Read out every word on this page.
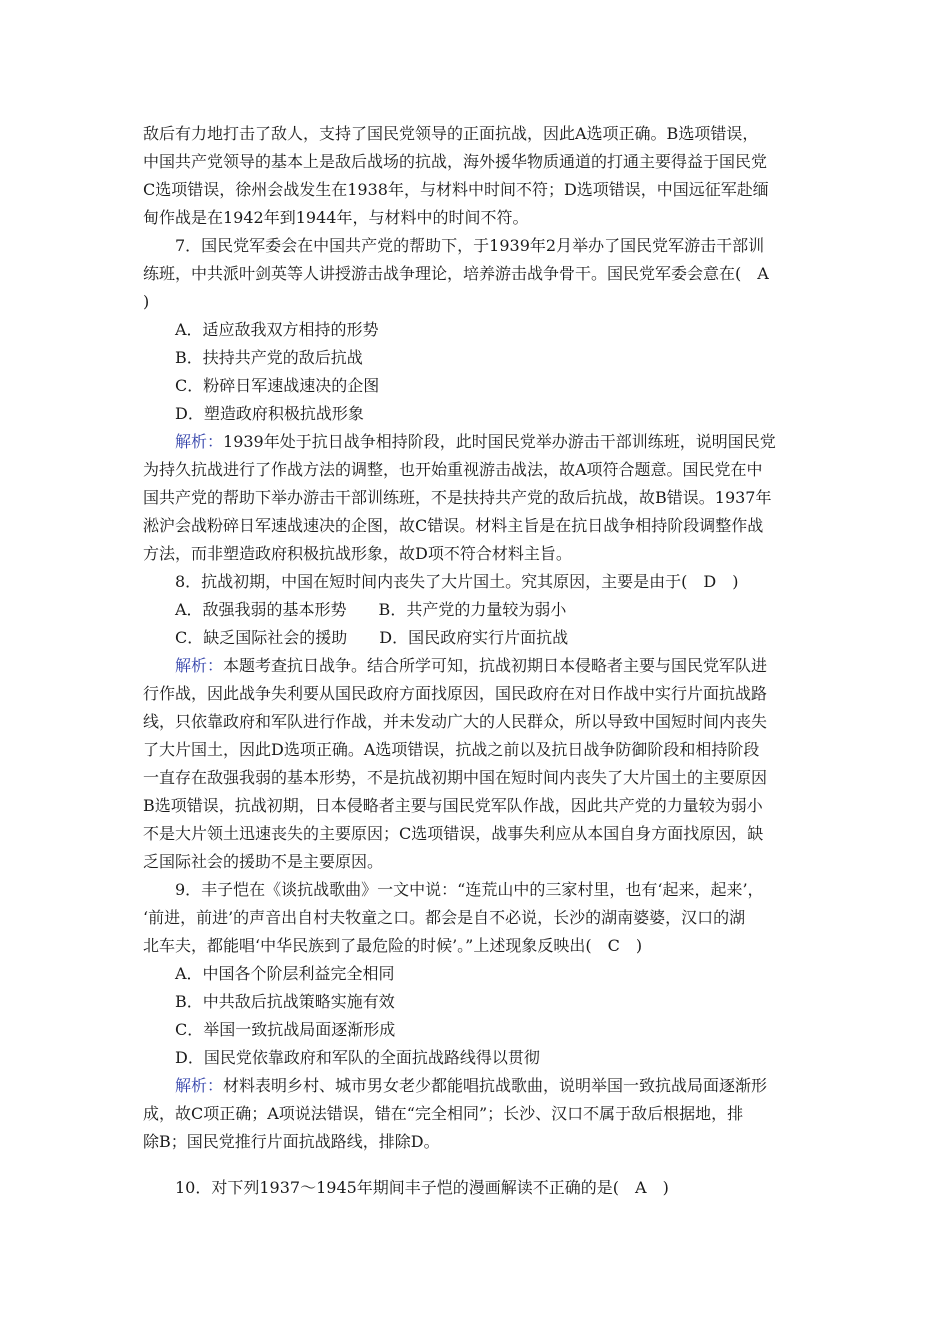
敌后有力地打击了敌人，支持了国民党领导的正面抗战，因此A选项正确。B选项错误，
中国共产党领导的基本上是敌后战场的抗战，海外援华物质通道的打通主要得益于国民党
C选项错误，徐州会战发生在1938年，与材料中时间不符；D选项错误，中国远征军赴缅
甸作战是在1942年到1944年，与材料中的时间不符。
7．国民党军委会在中国共产党的帮助下，于1939年2月举办了国民党军游击干部训
练班，中共派叶剑英等人讲授游击战争理论，培养游击战争骨干。国民党军委会意在(　A
)
A．适应敌我双方相持的形势
B．扶持共产党的敌后抗战
C．粉碎日军速战速决的企图
D．塑造政府积极抗战形象
解析：1939年处于抗日战争相持阶段，此时国民党举办游击干部训练班，说明国民党
为持久抗战进行了作战方法的调整，也开始重视游击战法，故A项符合题意。国民党在中
国共产党的帮助下举办游击干部训练班，不是扶持共产党的敌后抗战，故B错误。1937年
淞沪会战粉碎日军速战速决的企图，故C错误。材料主旨是在抗日战争相持阶段调整作战
方法，而非塑造政府积极抗战形象，故D项不符合材料主旨。
8．抗战初期，中国在短时间内丧失了大片国土。究其原因，主要是由于(　D　)
A．敌强我弱的基本形势　　B．共产党的力量较为弱小
C．缺乏国际社会的援助　　D．国民政府实行片面抗战
解析：本题考查抗日战争。结合所学可知，抗战初期日本侵略者主要与国民党军队进
行作战，因此战争失利要从国民政府方面找原因，国民政府在对日作战中实行片面抗战路
线，只依靠政府和军队进行作战，并未发动广大的人民群众，所以导致中国短时间内丧失
了大片国土，因此D选项正确。A选项错误，抗战之前以及抗日战争防御阶段和相持阶段
一直存在敌强我弱的基本形势，不是抗战初期中国在短时间内丧失了大片国土的主要原因
B选项错误，抗战初期，日本侵略者主要与国民党军队作战，因此共产党的力量较为弱小
不是大片领土迅速丧失的主要原因；C选项错误，战事失利应从本国自身方面找原因，缺
乏国际社会的援助不是主要原因。
9．丰子恺在《谈抗战歌曲》一文中说：“连荒山中的三家村里，也有‘起来，起来’，
‘前进，前进’的声音出自村夫牧童之口。都会是自不必说，长沙的湖南婆婆，汉口的湖
北车夫，都能唱‘中华民族到了最危险的时候’。”上述现象反映出(　C　)
A．中国各个阶层利益完全相同
B．中共敌后抗战策略实施有效
C．举国一致抗战局面逐渐形成
D．国民党依靠政府和军队的全面抗战路线得以贯彻
解析：材料表明乡村、城市男女老少都能唱抗战歌曲，说明举国一致抗战局面逐渐形
成，故C项正确；A项说法错误，错在“完全相同”；长沙、汉口不属于敌后根据地，排
除B；国民党推行片面抗战路线，排除D。
10．对下列1937～1945年期间丰子恺的漫画解读不正确的是(　A　)
